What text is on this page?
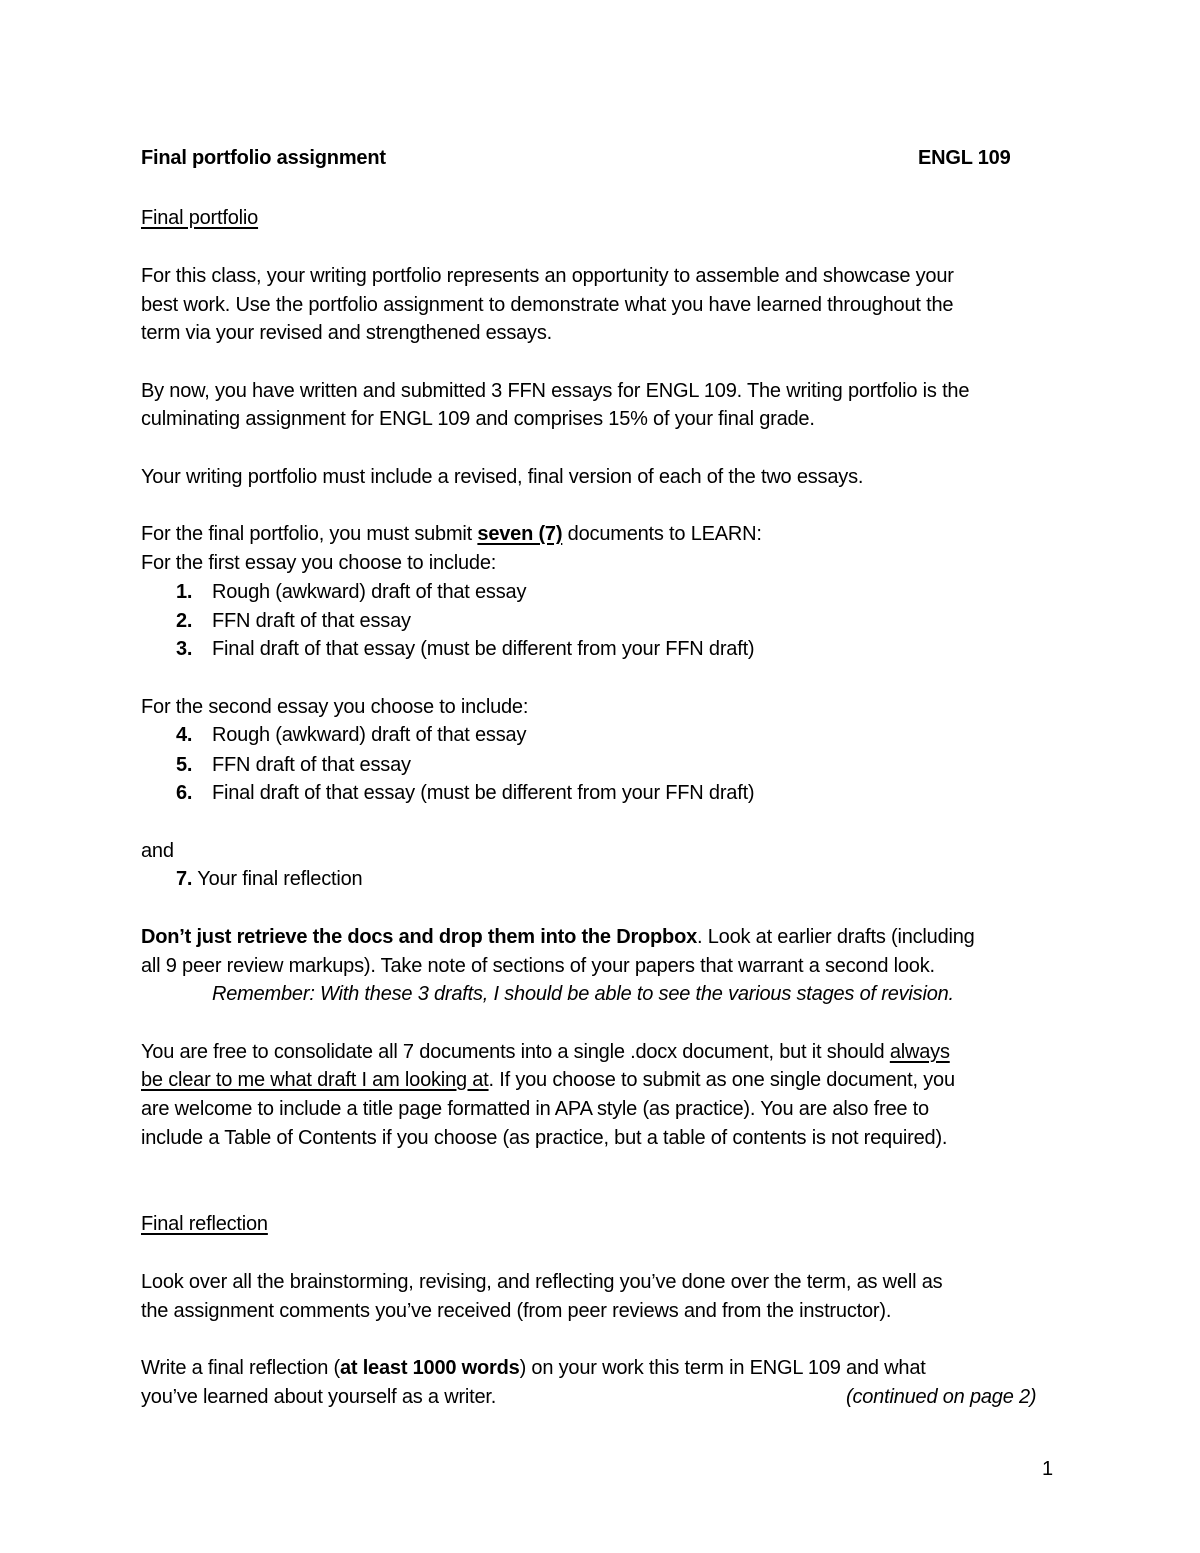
Final portfolio assignment	ENGL 109
Final portfolio
For this class, your writing portfolio represents an opportunity to assemble and showcase your
best work. Use the portfolio assignment to demonstrate what you have learned throughout the
term via your revised and strengthened essays.
By now, you have written and submitted 3 FFN essays for ENGL 109. The writing portfolio is the
culminating assignment for ENGL 109 and comprises 15% of your final grade.
Your writing portfolio must include a revised, final version of each of the two essays.
For the final portfolio, you must submit seven (7) documents to LEARN:
For the first essay you choose to include:
1. Rough (awkward) draft of that essay
2. FFN draft of that essay
3. Final draft of that essay (must be different from your FFN draft)
For the second essay you choose to include:
4. Rough (awkward) draft of that essay
5. FFN draft of that essay
6. Final draft of that essay (must be different from your FFN draft)
and
7. Your final reflection
Don’t just retrieve the docs and drop them into the Dropbox. Look at earlier drafts (including
all 9 peer review markups). Take note of sections of your papers that warrant a second look.
Remember: With these 3 drafts, I should be able to see the various stages of revision.
You are free to consolidate all 7 documents into a single .docx document, but it should always
be clear to me what draft I am looking at. If you choose to submit as one single document, you
are welcome to include a title page formatted in APA style (as practice). You are also free to
include a Table of Contents if you choose (as practice, but a table of contents is not required).
Final reflection
Look over all the brainstorming, revising, and reflecting you’ve done over the term, as well as
the assignment comments you’ve received (from peer reviews and from the instructor).
Write a final reflection (at least 1000 words) on your work this term in ENGL 109 and what
you’ve learned about yourself as a writer.	(continued on page 2)
1
